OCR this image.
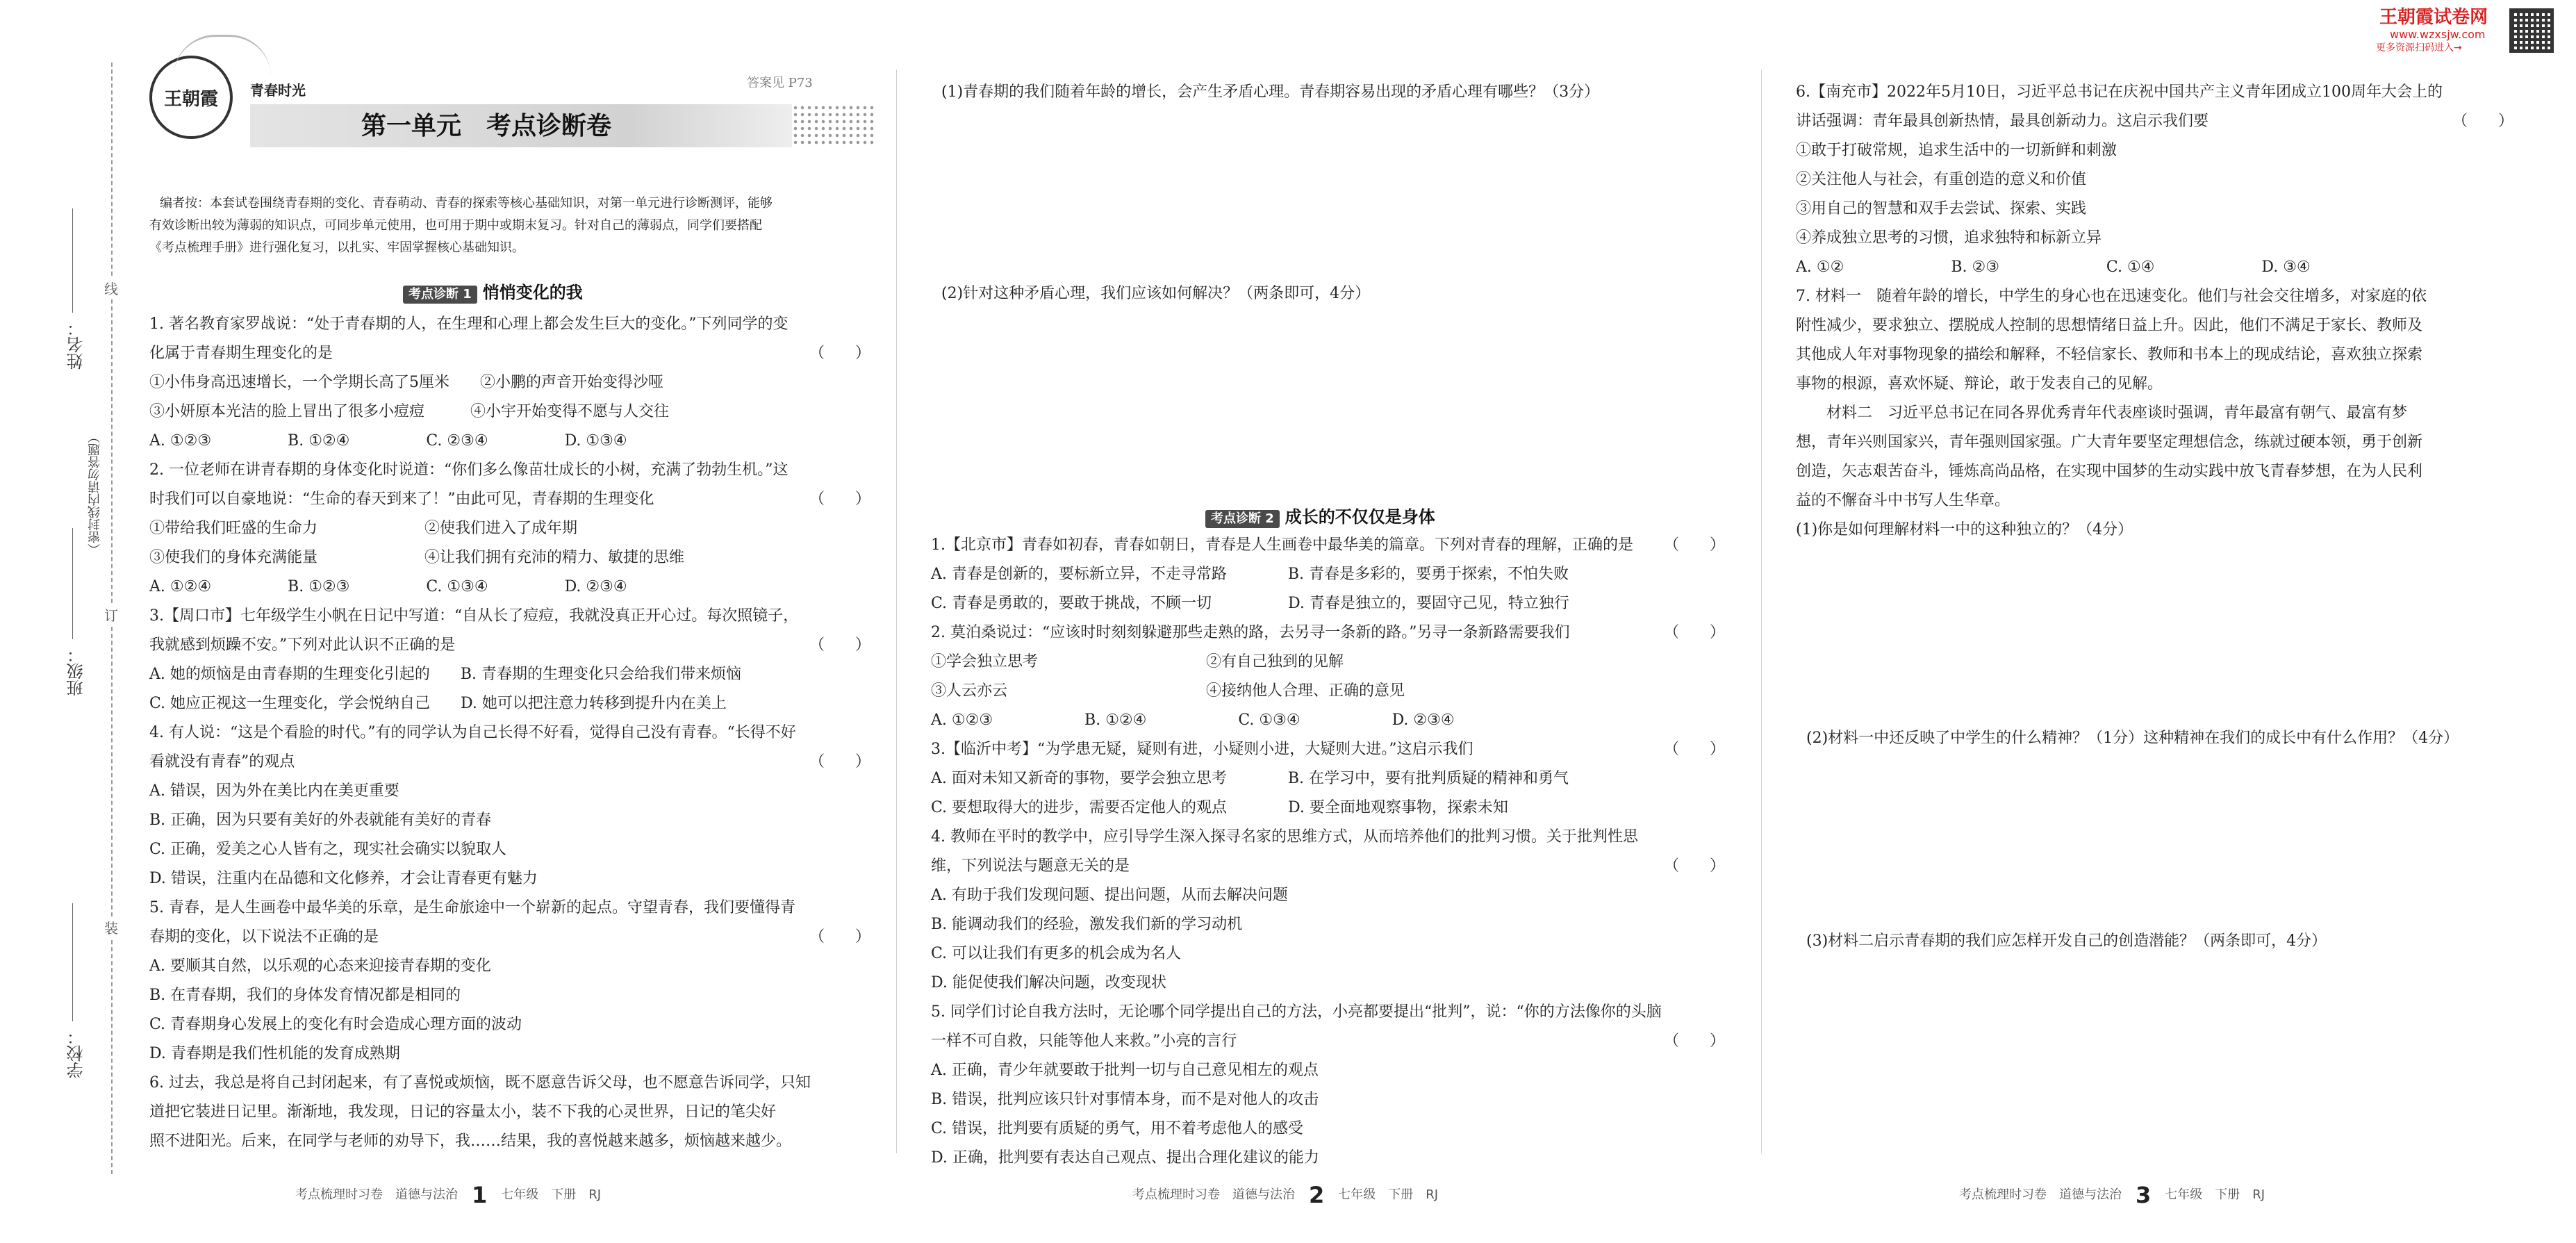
线
订
装
（密封线内请勿答题）
姓名：
班级：
学校：
王朝霞 青春时光	答案见 P73
第一单元　考点诊断卷
王朝霞试卷网
www.wzxsjw.com
更多资源扫码进入→
编者按：本套试卷围绕青春期的变化、青春萌动、青春的探索等核心基础知识，对第一单元进行诊断测评，能够
有效诊断出较为薄弱的知识点，可同步单元使用，也可用于期中或期末复习。针对自己的薄弱点，同学们要搭配
《考点梳理手册》进行强化复习，以扎实、牢固掌握核心基础知识。
考点诊断 1 悄悄变化的我
1. 著名教育家罗战说：“处于青春期的人，在生理和心理上都会发生巨大的变化。”下列同学的变
化属于青春期生理变化的是	（　　）
①小伟身高迅速增长，一个学期长高了5厘米　　②小鹏的声音开始变得沙哑
③小妍原本光洁的脸上冒出了很多小痘痘　　　④小宇开始变得不愿与人交往
A. ①②③　　　　　B. ①②④　　　　　C. ②③④　　　　　D. ①③④
2. 一位老师在讲青春期的身体变化时说道：“你们多么像苗壮成长的小树，充满了勃勃生机。”这
时我们可以自豪地说：“生命的春天到来了！”由此可见，青春期的生理变化	（　　）
①带给我们旺盛的生命力　　　　　　　②使我们进入了成年期
③使我们的身体充满能量　　　　　　　④让我们拥有充沛的精力、敏捷的思维
A. ①②④　　　　　B. ①②③　　　　　C. ①③④　　　　　D. ②③④
3.【周口市】七年级学生小帆在日记中写道：“自从长了痘痘，我就没真正开心过。每次照镜子，
我就感到烦躁不安。”下列对此认识不正确的是	（　　）
A. 她的烦恼是由青春期的生理变化引起的　　B. 青春期的生理变化只会给我们带来烦恼
C. 她应正视这一生理变化，学会悦纳自己　　D. 她可以把注意力转移到提升内在美上
4. 有人说：“这是个看脸的时代。”有的同学认为自己长得不好看，觉得自己没有青春。“长得不好
看就没有青春”的观点	（　　）
A. 错误，因为外在美比内在美更重要
B. 正确，因为只要有美好的外表就能有美好的青春
C. 正确，爱美之心人皆有之，现实社会确实以貌取人
D. 错误，注重内在品德和文化修养，才会让青春更有魅力
5. 青春，是人生画卷中最华美的乐章，是生命旅途中一个崭新的起点。守望青春，我们要懂得青
春期的变化，以下说法不正确的是	（　　）
A. 要顺其自然，以乐观的心态来迎接青春期的变化
B. 在青春期，我们的身体发育情况都是相同的
C. 青春期身心发展上的变化有时会造成心理方面的波动
D. 青春期是我们性机能的发育成熟期
6. 过去，我总是将自己封闭起来，有了喜悦或烦恼，既不愿意告诉父母，也不愿意告诉同学，只知
道把它装进日记里。渐渐地，我发现，日记的容量太小，装不下我的心灵世界，日记的笔尖好
照不进阳光。后来，在同学与老师的劝导下，我……结果，我的喜悦越来越多，烦恼越来越少。
(1)青春期的我们随着年龄的增长，会产生矛盾心理。青春期容易出现的矛盾心理有哪些？（3分）
(2)针对这种矛盾心理，我们应该如何解决？（两条即可，4分）
考点诊断 2 成长的不仅仅是身体
1.【北京市】青春如初春，青春如朝日，青春是人生画卷中最华美的篇章。下列对青春的理解，正确的是 （　　）
A. 青春是创新的，要标新立异，不走寻常路　　　　B. 青春是多彩的，要勇于探索，不怕失败
C. 青春是勇敢的，要敢于挑战，不顾一切　　　　　D. 青春是独立的，要固守己见，特立独行
2. 莫泊桑说过：“应该时时刻刻躲避那些走熟的路，去另寻一条新的路。”另寻一条新路需要我们	（　　）
①学会独立思考　　　　　　　　　　　②有自己独到的见解
③人云亦云　　　　　　　　　　　　　④接纳他人合理、正确的意见
A. ①②③　　　　　　B. ①②④　　　　　　C. ①③④　　　　　　D. ②③④
3.【临沂中考】“为学患无疑，疑则有进，小疑则小进，大疑则大进。”这启示我们	（　　）
A. 面对未知又新奇的事物，要学会独立思考　　　　B. 在学习中，要有批判质疑的精神和勇气
C. 要想取得大的进步，需要否定他人的观点　　　　D. 要全面地观察事物，探索未知
4. 教师在平时的教学中，应引导学生深入探寻名家的思维方式，从而培养他们的批判习惯。关于批判性思
维，下列说法与题意无关的是	（　　）
A. 有助于我们发现问题、提出问题，从而去解决问题
B. 能调动我们的经验，激发我们新的学习动机
C. 可以让我们有更多的机会成为名人
D. 能促使我们解决问题，改变现状
5. 同学们讨论自我方法时，无论哪个同学提出自己的方法，小亮都要提出“批判”，说：“你的方法像你的头脑
一样不可自救，只能等他人来救。”小亮的言行	（　　）
A. 正确，青少年就要敢于批判一切与自己意见相左的观点
B. 错误，批判应该只针对事情本身，而不是对他人的攻击
C. 错误，批判要有质疑的勇气，用不着考虑他人的感受
D. 正确，批判要有表达自己观点、提出合理化建议的能力
6.【南充市】2022年5月10日，习近平总书记在庆祝中国共产主义青年团成立100周年大会上的
讲话强调：青年最具创新热情，最具创新动力。这启示我们要	（　　）
①敢于打破常规，追求生活中的一切新鲜和刺激
②关注他人与社会，有重创造的意义和价值
③用自己的智慧和双手去尝试、探索、实践
④养成独立思考的习惯，追求独特和标新立异
A. ①②　　　　　　　B. ②③　　　　　　　C. ①④　　　　　　　D. ③④
7. 材料一　随着年龄的增长，中学生的身心也在迅速变化。他们与社会交往增多，对家庭的依
附性减少，要求独立、摆脱成人控制的思想情绪日益上升。因此，他们不满足于家长、教师及
其他成人年对事物现象的描绘和解释，不轻信家长、教师和书本上的现成结论，喜欢独立探索
事物的根源，喜欢怀疑、辩论，敢于发表自己的见解。
　　材料二　习近平总书记在同各界优秀青年代表座谈时强调，青年最富有朝气、最富有梦
想，青年兴则国家兴，青年强则国家强。广大青年要坚定理想信念，练就过硬本领，勇于创新
创造，矢志艰苦奋斗，锤炼高尚品格，在实现中国梦的生动实践中放飞青春梦想，在为人民利
益的不懈奋斗中书写人生华章。
(1)你是如何理解材料一中的这种独立的？（4分）
(2)材料一中还反映了中学生的什么精神？（1分）这种精神在我们的成长中有什么作用？（4分）
(3)材料二启示青春期的我们应怎样开发自己的创造潜能？（两条即可，4分）
考点梳理时习卷　道德与法治 1 七年级　下册　RJ	考点梳理时习卷　道德与法治 2 七年级　下册　RJ	考点梳理时习卷　道德与法治 3 七年级　下册　RJ
